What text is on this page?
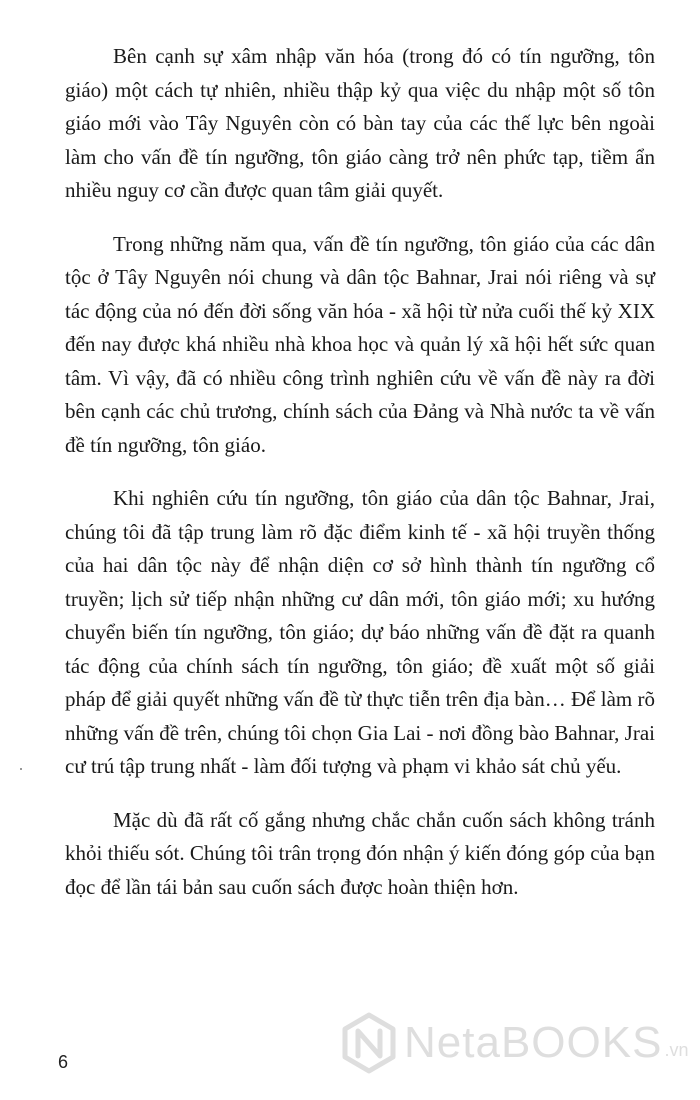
Bên cạnh sự xâm nhập văn hóa (trong đó có tín ngưỡng, tôn giáo) một cách tự nhiên, nhiều thập kỷ qua việc du nhập một số tôn giáo mới vào Tây Nguyên còn có bàn tay của các thế lực bên ngoài làm cho vấn đề tín ngưỡng, tôn giáo càng trở nên phức tạp, tiềm ẩn nhiều nguy cơ cần được quan tâm giải quyết.

Trong những năm qua, vấn đề tín ngưỡng, tôn giáo của các dân tộc ở Tây Nguyên nói chung và dân tộc Bahnar, Jrai nói riêng và sự tác động của nó đến đời sống văn hóa - xã hội từ nửa cuối thế kỷ XIX đến nay được khá nhiều nhà khoa học và quản lý xã hội hết sức quan tâm. Vì vậy, đã có nhiều công trình nghiên cứu về vấn đề này ra đời bên cạnh các chủ trương, chính sách của Đảng và Nhà nước ta về vấn đề tín ngưỡng, tôn giáo.

Khi nghiên cứu tín ngưỡng, tôn giáo của dân tộc Bahnar, Jrai, chúng tôi đã tập trung làm rõ đặc điểm kinh tế - xã hội truyền thống của hai dân tộc này để nhận diện cơ sở hình thành tín ngưỡng cổ truyền; lịch sử tiếp nhận những cư dân mới, tôn giáo mới; xu hướng chuyển biến tín ngưỡng, tôn giáo; dự báo những vấn đề đặt ra quanh tác động của chính sách tín ngưỡng, tôn giáo; đề xuất một số giải pháp để giải quyết những vấn đề từ thực tiễn trên địa bàn… Để làm rõ những vấn đề trên, chúng tôi chọn Gia Lai - nơi đồng bào Bahnar, Jrai cư trú tập trung nhất - làm đối tượng và phạm vi khảo sát chủ yếu.

Mặc dù đã rất cố gắng nhưng chắc chắn cuốn sách không tránh khỏi thiếu sót. Chúng tôi trân trọng đón nhận ý kiến đóng góp của bạn đọc để lần tái bản sau cuốn sách được hoàn thiện hơn.

NetaBOOKS .vn
6
